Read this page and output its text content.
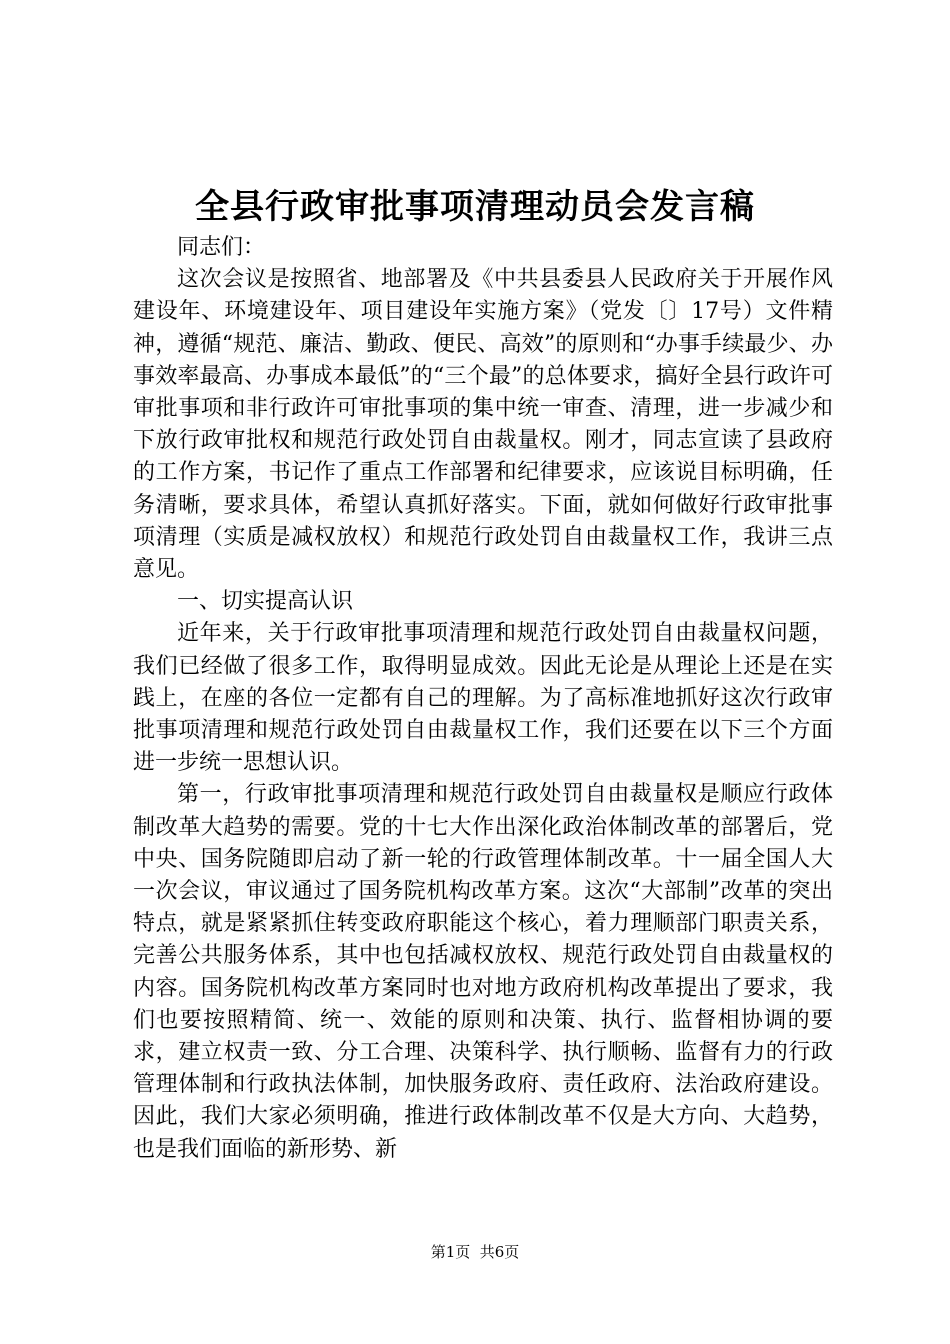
全县行政审批事项清理动员会发言稿

同志们：

这次会议是按照省、地部署及《中共县委县人民政府关于开展作风建设年、环境建设年、项目建设年实施方案》（党发〔〕17号）文件精神，遵循“规范、廉洁、勤政、便民、高效”的原则和“办事手续最少、办事效率最高、办事成本最低”的“三个最”的总体要求，搞好全县行政许可审批事项和非行政许可审批事项的集中统一审查、清理，进一步减少和下放行政审批权和规范行政处罚自由裁量权。刚才，同志宣读了县政府的工作方案，书记作了重点工作部署和纪律要求，应该说目标明确，任务清晰，要求具体，希望认真抓好落实。下面，就如何做好行政审批事项清理（实质是减权放权）和规范行政处罚自由裁量权工作，我讲三点意见。

一、切实提高认识

近年来，关于行政审批事项清理和规范行政处罚自由裁量权问题，我们已经做了很多工作，取得明显成效。因此无论是从理论上还是在实践上，在座的各位一定都有自己的理解。为了高标准地抓好这次行政审批事项清理和规范行政处罚自由裁量权工作，我们还要在以下三个方面进一步统一思想认识。

第一，行政审批事项清理和规范行政处罚自由裁量权是顺应行政体制改革大趋势的需要。党的十七大作出深化政治体制改革的部署后，党中央、国务院随即启动了新一轮的行政管理体制改革。十一届全国人大一次会议，审议通过了国务院机构改革方案。这次“大部制”改革的突出特点，就是紧紧抓住转变政府职能这个核心，着力理顺部门职责关系，完善公共服务体系，其中也包括减权放权、规范行政处罚自由裁量权的内容。国务院机构改革方案同时也对地方政府机构改革提出了要求，我们也要按照精简、统一、效能的原则和决策、执行、监督相协调的要求，建立权责一致、分工合理、决策科学、执行顺畅、监督有力的行政管理体制和行政执法体制，加快服务政府、责任政府、法治政府建设。因此，我们大家必须明确，推进行政体制改革不仅是大方向、大趋势，也是我们面临的新形势、新

第1页  共6页
